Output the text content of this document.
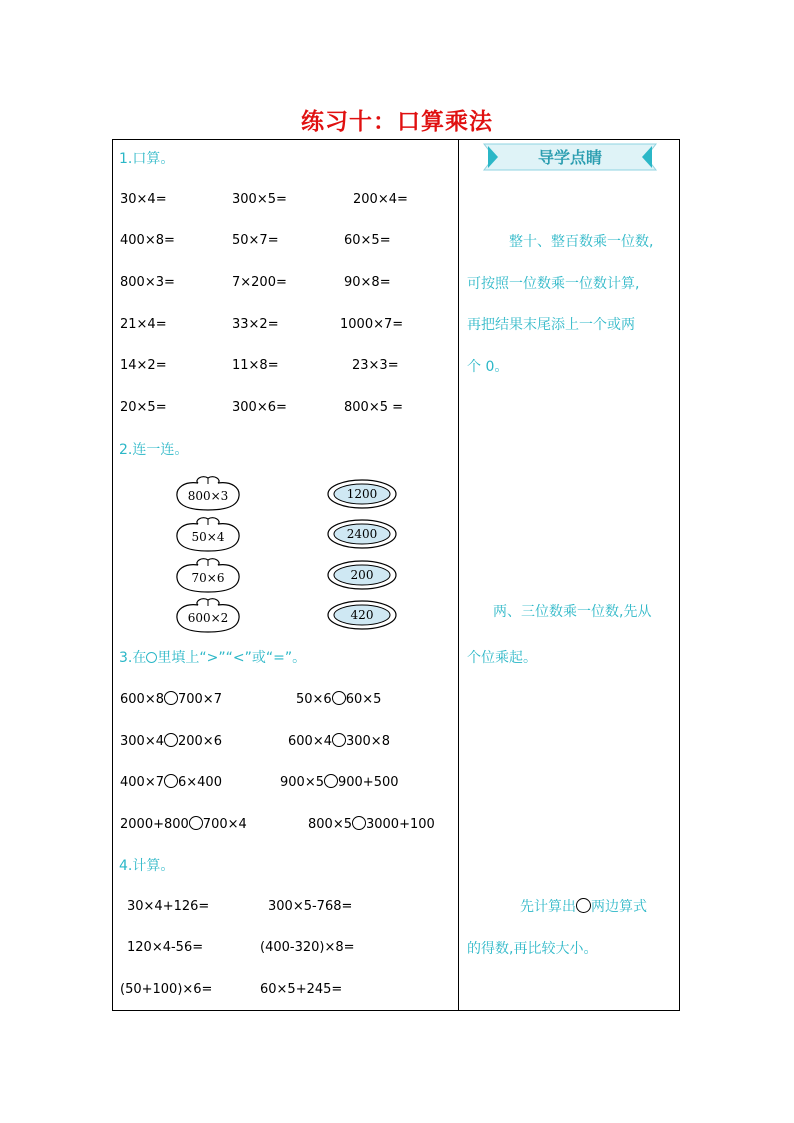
练习十：口算乘法
1.口算。
30×4=	300×5=	200×4=
400×8=	50×7=	60×5=
800×3=	7×200=	90×8=
21×4=	33×2=	1000×7=
14×2=	11×8=	23×3=
20×5=	300×6=	800×5 =
2.连一连。
800×3
50×4
70×6
600×2
1200
2400
200
420
3.在 里填上“>”“<”或“=”。
600×8 700×7	50×6 60×5
300×4 200×6	600×4 300×8
400×7 6×400	900×5 900+500
2000+800 700×4	800×5 3000+100
4.计算。
30×4+126=	300×5-768=
120×4-56=	(400-320)×8=
(50+100)×6=	60×5+245=
导学点睛
整十、整百数乘一位数,
可按照一位数乘一位数计算,
再把结果末尾添上一个或两
个 0。
两、三位数乘一位数,先从
个位乘起。
先计算出 两边算式
的得数,再比较大小。
